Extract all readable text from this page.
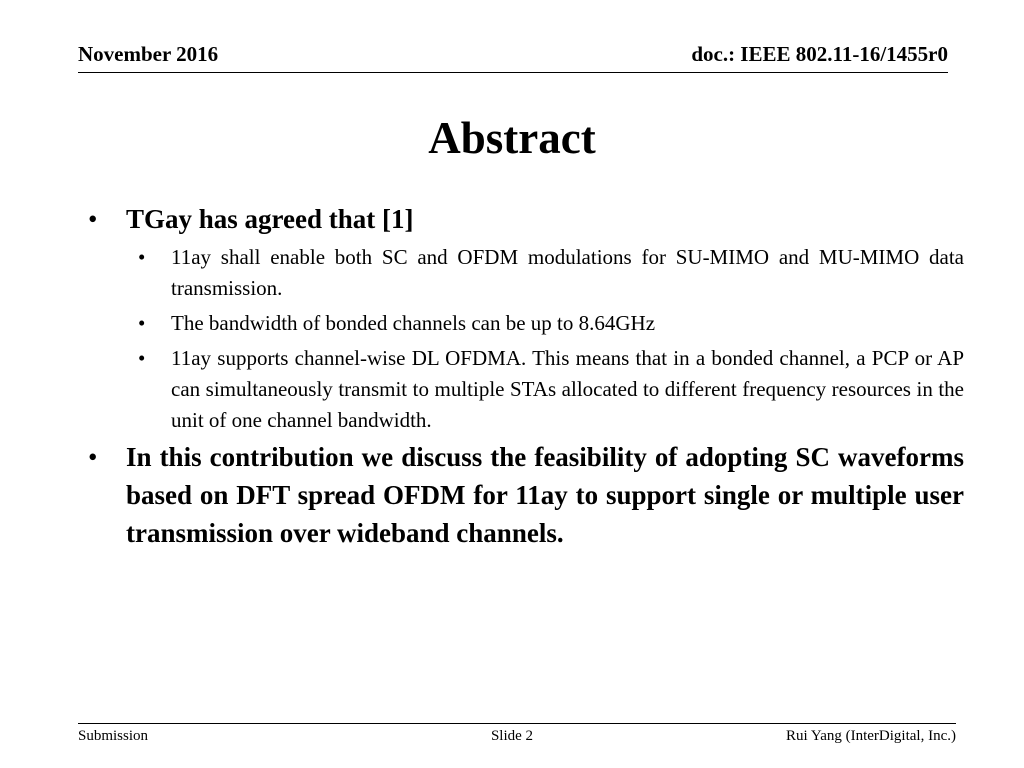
November 2016	doc.: IEEE 802.11-16/1455r0
Abstract
• TGay has agreed that [1]
• 11ay shall enable both SC and OFDM modulations for SU-MIMO and MU-MIMO data transmission.
• The bandwidth of bonded channels can be up to 8.64GHz
• 11ay supports channel-wise DL OFDMA. This means that in a bonded channel, a PCP or AP can simultaneously transmit to multiple STAs allocated to different frequency resources in the unit of one channel bandwidth.
• In this contribution we discuss the feasibility of adopting SC waveforms based on DFT spread OFDM for 11ay to support single or multiple user transmission over wideband channels.
Submission	Slide 2	Rui Yang (InterDigital, Inc.)
